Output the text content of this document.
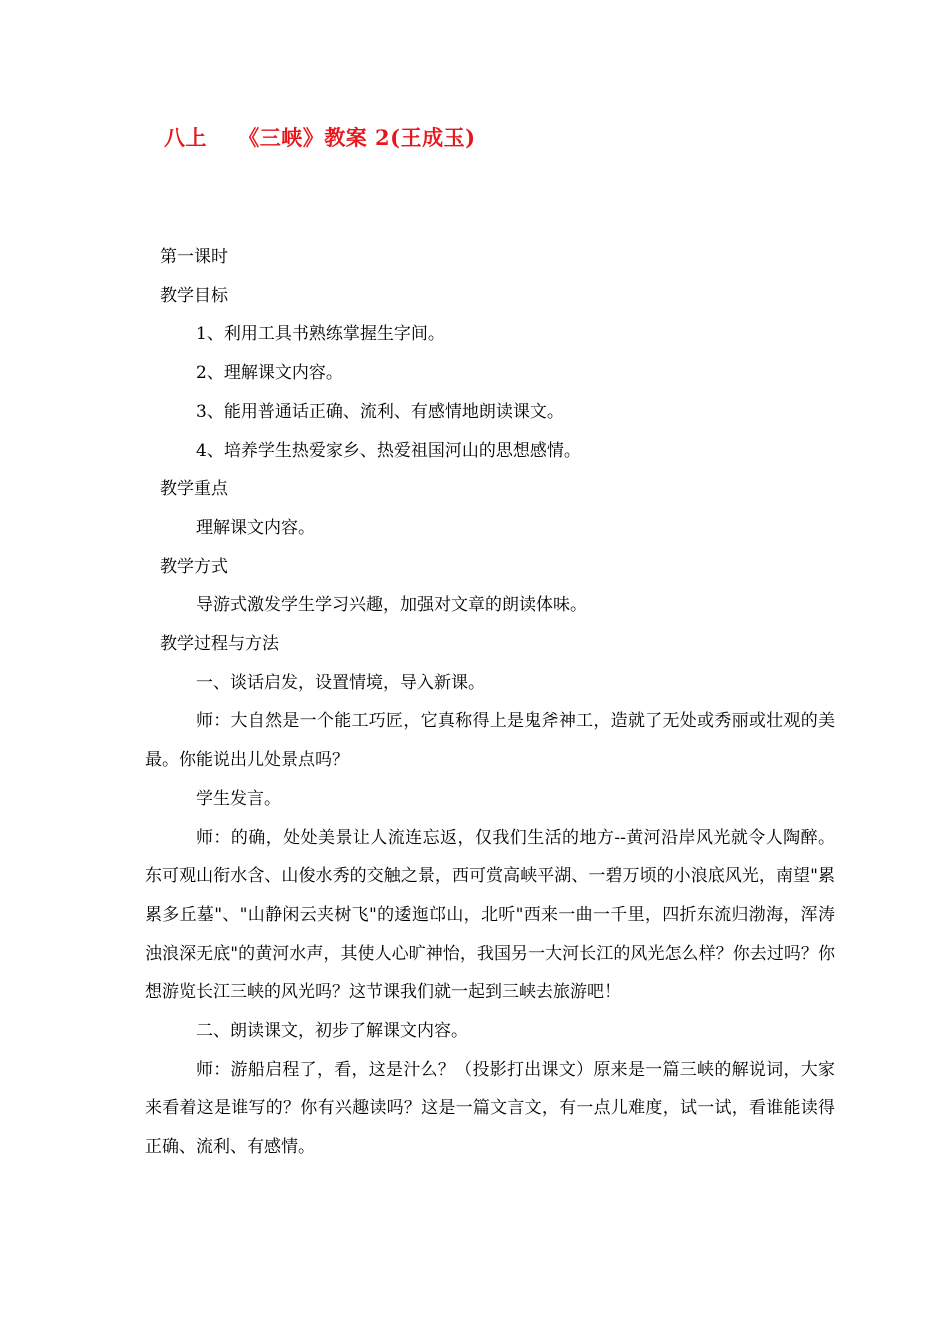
八上    《三峡》教案 2(王成玉)
第一课时
教学目标
1、利用工具书熟练掌握生字间。
2、理解课文内容。
3、能用普通话正确、流利、有感情地朗读课文。
4、培养学生热爱家乡、热爱祖国河山的思想感情。
教学重点
理解课文内容。
教学方式
导游式激发学生学习兴趣，加强对文章的朗读体味。
教学过程与方法
一、谈话启发，设置情境，导入新课。

师：大自然是一个能工巧匠，它真称得上是鬼斧神工，造就了无处或秀丽或壮观的美最。你能说出儿处景点吗？

学生发言。

师：的确，处处美景让人流连忘返，仅我们生活的地方--黄河沿岸风光就令人陶醉。东可观山衔水含、山俊水秀的交触之景，西可赏高峡平湖、一碧万顷的小浪底风光，南望"累累多丘墓"、"山静闲云夹树飞"的逶迤邙山，北听"西来一曲一千里，四折东流归渤海，浑涛浊浪深无底"的黄河水声，其使人心旷神怡，我国另一大河长江的风光怎么样？你去过吗？你想游览长江三峡的风光吗？这节课我们就一起到三峡去旅游吧！

二、朗读课文，初步了解课文内容。

师：游船启程了，看，这是汁么？（投影打出课文）原来是一篇三峡的解说词，大家来看着这是谁写的？你有兴趣读吗？这是一篇文言文，有一点儿难度，试一试，看谁能读得正确、流利、有感情。
